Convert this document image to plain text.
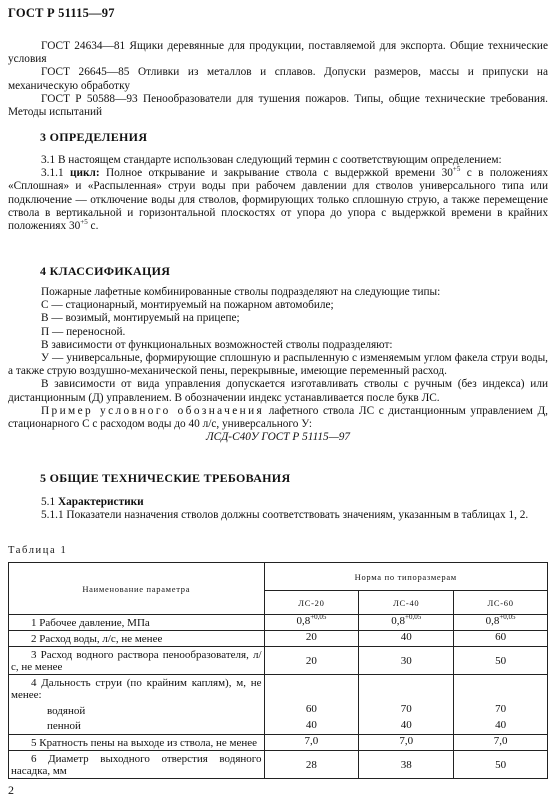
ГОСТ Р 51115—97

ГОСТ 24634—81 Ящики деревянные для продукции, поставляемой для экспорта. Общие технические условия

ГОСТ 26645—85 Отливки из металлов и сплавов. Допуски размеров, массы и припуски на механическую обработку

ГОСТ Р 50588—93 Пенообразователи для тушения пожаров. Типы, общие технические требования. Методы испытаний

3 ОПРЕДЕЛЕНИЯ

3.1 В настоящем стандарте использован следующий термин с соответствующим определением:

3.1.1 цикл: Полное открывание и закрывание ствола с выдержкой времени $30^{+5}$ с в положениях «Сплошная» и «Распыленная» струи воды при рабочем давлении для стволов универсального типа или подключение — отключение воды для стволов, формирующих только сплошную струю, а также перемещение ствола в вертикальной и горизонтальной плоскостях от упора до упора с выдержкой времени в крайних положениях $30^{+5}$ с.

4 КЛАССИФИКАЦИЯ

Пожарные лафетные комбинированные стволы подразделяют на следующие типы:

С — стационарный, монтируемый на пожарном автомобиле;

В — возимый, монтируемый на прицепе;

П — переносной.

В зависимости от функциональных возможностей стволы подразделяют:

У — универсальные, формирующие сплошную и распыленную с изменяемым углом факела струи воды, а также струю воздушно-механической пены, перекрывные, имеющие переменный расход.

В зависимости от вида управления допускается изготавливать стволы с ручным (без индекса) или дистанционным (Д) управлением. В обозначении индекс устанавливается после букв ЛС.

Пример условного обозначения лафетного ствола ЛС с дистанционным управлением Д, стационарного С с расходом воды до 40 л/с, универсального У:

ЛСД-С40У ГОСТ Р 51115—97

5 ОБЩИЕ ТЕХНИЧЕСКИЕ ТРЕБОВАНИЯ

5.1 Характеристики

5.1.1 Показатели назначения стволов должны соответствовать значениям, указанным в таблицах 1, 2.

Таблица 1
Наименование параметра	Норма по типоразмерам		
	ЛС-20	ЛС-40	ЛС-60

1 Рабочее давление, МПа	$0,8^{+0,05}$	$0,8^{+0,05}$	$0,8^{+0,05}$

2 Расход воды, л/с, не менее	20	40	60

3 Расход водного раствора пенообразователя, л/с, не менее	20	30	50

4 Дальность струи (по крайним каплям), м, не менее:			

водяной	60	70	70
пенной	40	40	40

5 Кратность пены на выходе из ствола, не менее	7,0	7,0	7,0

6 Диаметр выходного отверстия водяного насадка, мм	28	38	50
2
